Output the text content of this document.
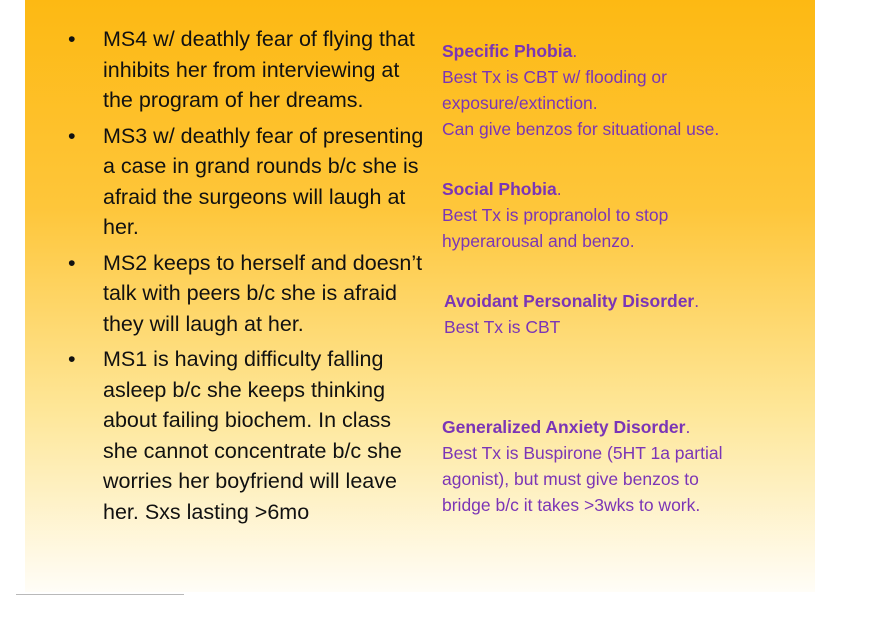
• MS4 w/ deathly fear of flying that inhibits her from interviewing at the program of her dreams.
• MS3 w/ deathly fear of presenting a case in grand rounds b/c she is afraid the surgeons will laugh at her.
• MS2 keeps to herself and doesn’t talk with peers b/c she is afraid they will laugh at her.
• MS1 is having difficulty falling asleep b/c she keeps thinking about failing biochem. In class she cannot concentrate b/c she worries her boyfriend will leave her. Sxs lasting >6mo
Specific Phobia.
Best Tx is CBT w/ flooding or
exposure/extinction.
Can give benzos for situational use.
Social Phobia.
Best Tx is propranolol to stop
hyperarousal and benzo.
Avoidant Personality Disorder.
Best Tx is CBT
Generalized Anxiety Disorder.
Best Tx is Buspirone (5HT 1a partial
agonist), but must give benzos to
bridge b/c it takes >3wks to work.
